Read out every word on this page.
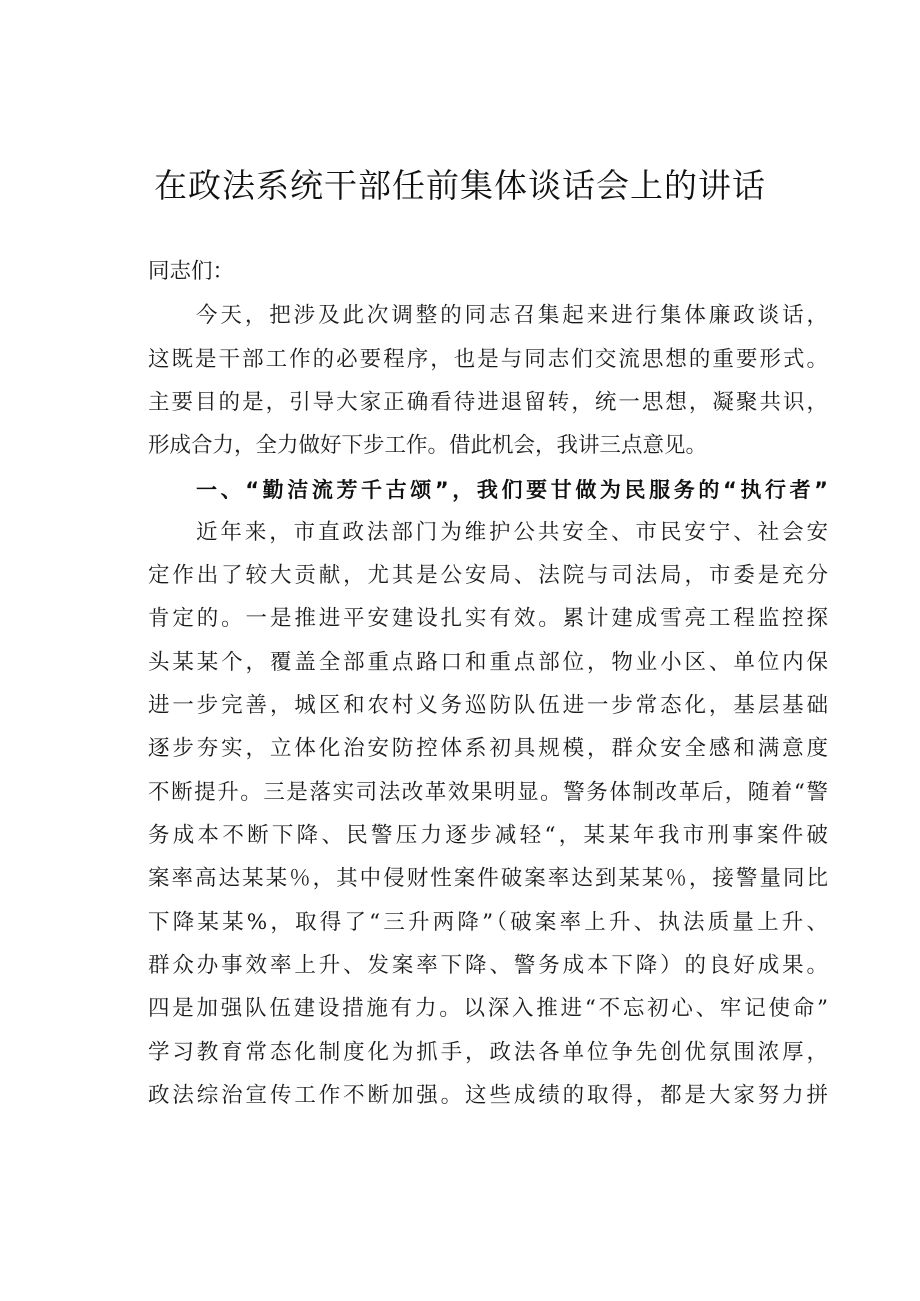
在政法系统干部任前集体谈话会上的讲话
同志们：
今天，把涉及此次调整的同志召集起来进行集体廉政谈话，
这既是干部工作的必要程序，也是与同志们交流思想的重要形式。
主要目的是，引导大家正确看待进退留转，统一思想，凝聚共识，
形成合力，全力做好下步工作。借此机会，我讲三点意见。
一、“勤洁流芳千古颂”，我们要甘做为民服务的“执行者”
近年来，市直政法部门为维护公共安全、市民安宁、社会安
定作出了较大贡献，尤其是公安局、法院与司法局，市委是充分
肯定的。一是推进平安建设扎实有效。累计建成雪亮工程监控探
头某某个，覆盖全部重点路口和重点部位，物业小区、单位内保
进一步完善，城区和农村义务巡防队伍进一步常态化，基层基础
逐步夯实，立体化治安防控体系初具规模，群众安全感和满意度
不断提升。三是落实司法改革效果明显。警务体制改革后，随着“警
务成本不断下降、民警压力逐步减轻“，某某年我市刑事案件破
案率高达某某％，其中侵财性案件破案率达到某某％，接警量同比
下降某某%，取得了“三升两降”（破案率上升、执法质量上升、
群众办事效率上升、发案率下降、警务成本下降）的良好成果。
四是加强队伍建设措施有力。以深入推进“不忘初心、牢记使命”
学习教育常态化制度化为抓手，政法各单位争先创优氛围浓厚，
政法综治宣传工作不断加强。这些成绩的取得，都是大家努力拼
